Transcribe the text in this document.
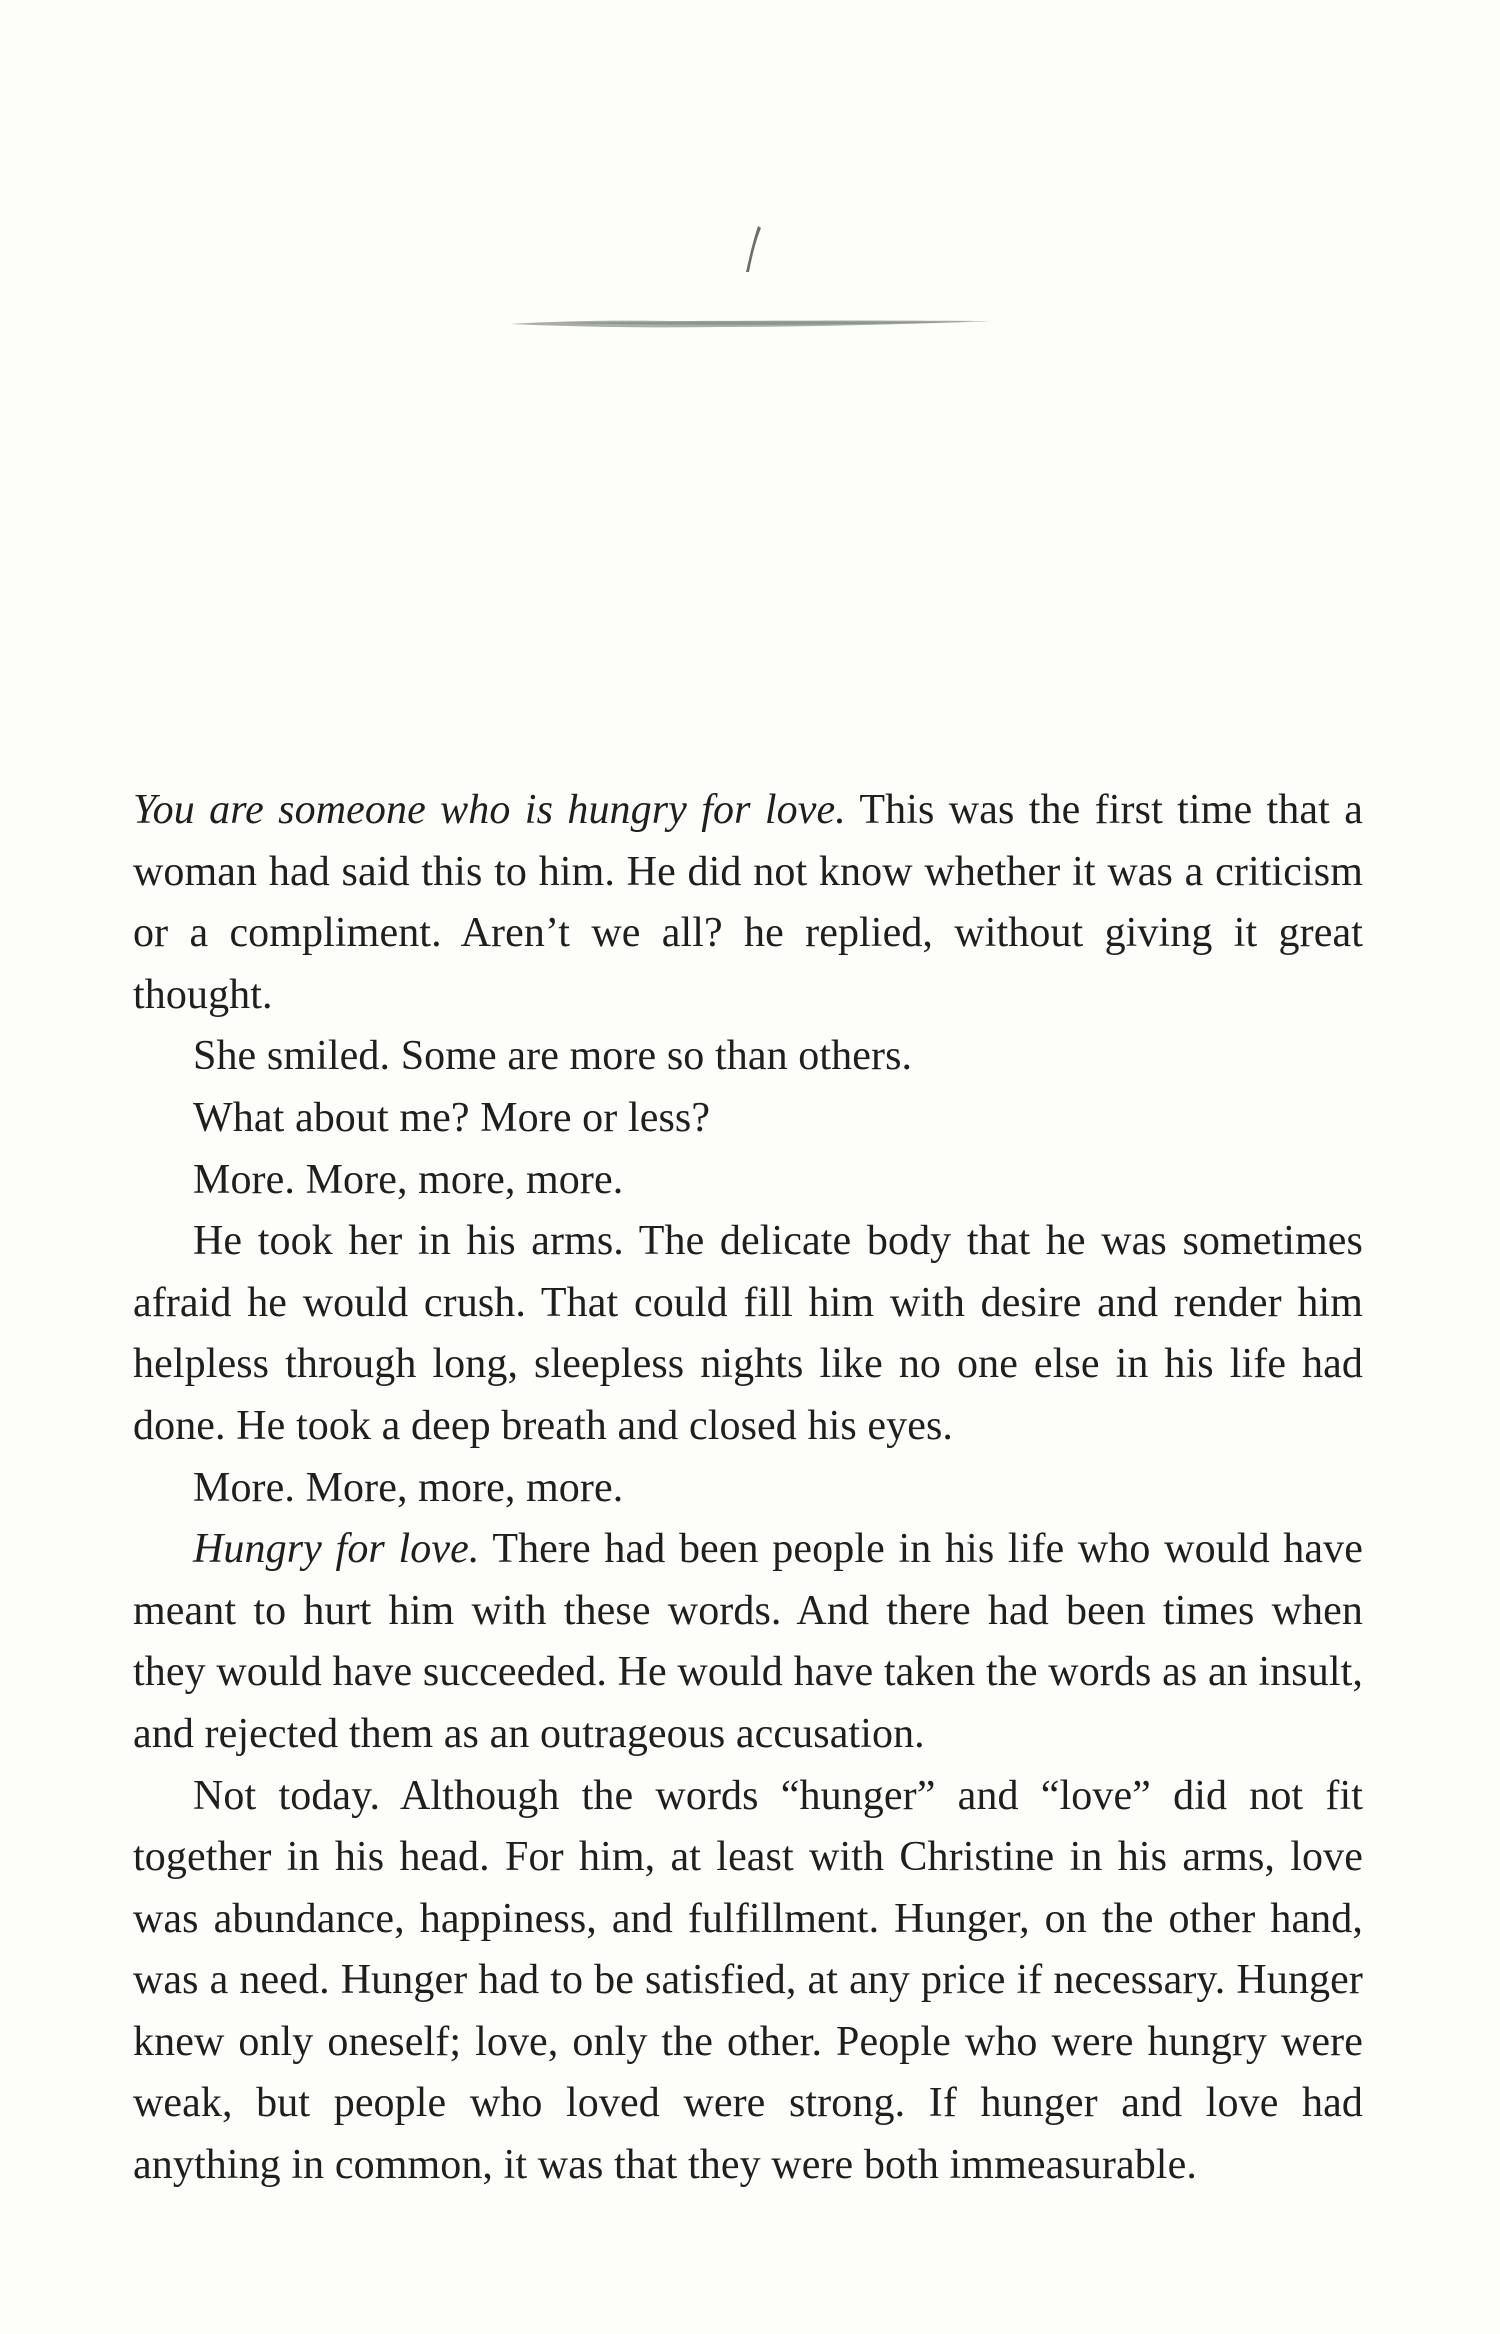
You are someone who is hungry for love. This was the first time that a woman had said this to him. He did not know whether it was a criticism or a compliment. Aren’t we all? he replied, without giving it great thought.

She smiled. Some are more so than others.

What about me? More or less?

More. More, more, more.

He took her in his arms. The delicate body that he was sometimes afraid he would crush. That could fill him with desire and render him helpless through long, sleepless nights like no one else in his life had done. He took a deep breath and closed his eyes.

More. More, more, more.

Hungry for love. There had been people in his life who would have meant to hurt him with these words. And there had been times when they would have succeeded. He would have taken the words as an insult, and rejected them as an outrageous accusation.

Not today. Although the words “hunger” and “love” did not fit together in his head. For him, at least with Christine in his arms, love was abundance, happiness, and fulfillment. Hunger, on the other hand, was a need. Hunger had to be satisfied, at any price if necessary. Hunger knew only oneself; love, only the other. People who were hungry were weak, but people who loved were strong. If hunger and love had anything in common, it was that they were both immeasurable.
